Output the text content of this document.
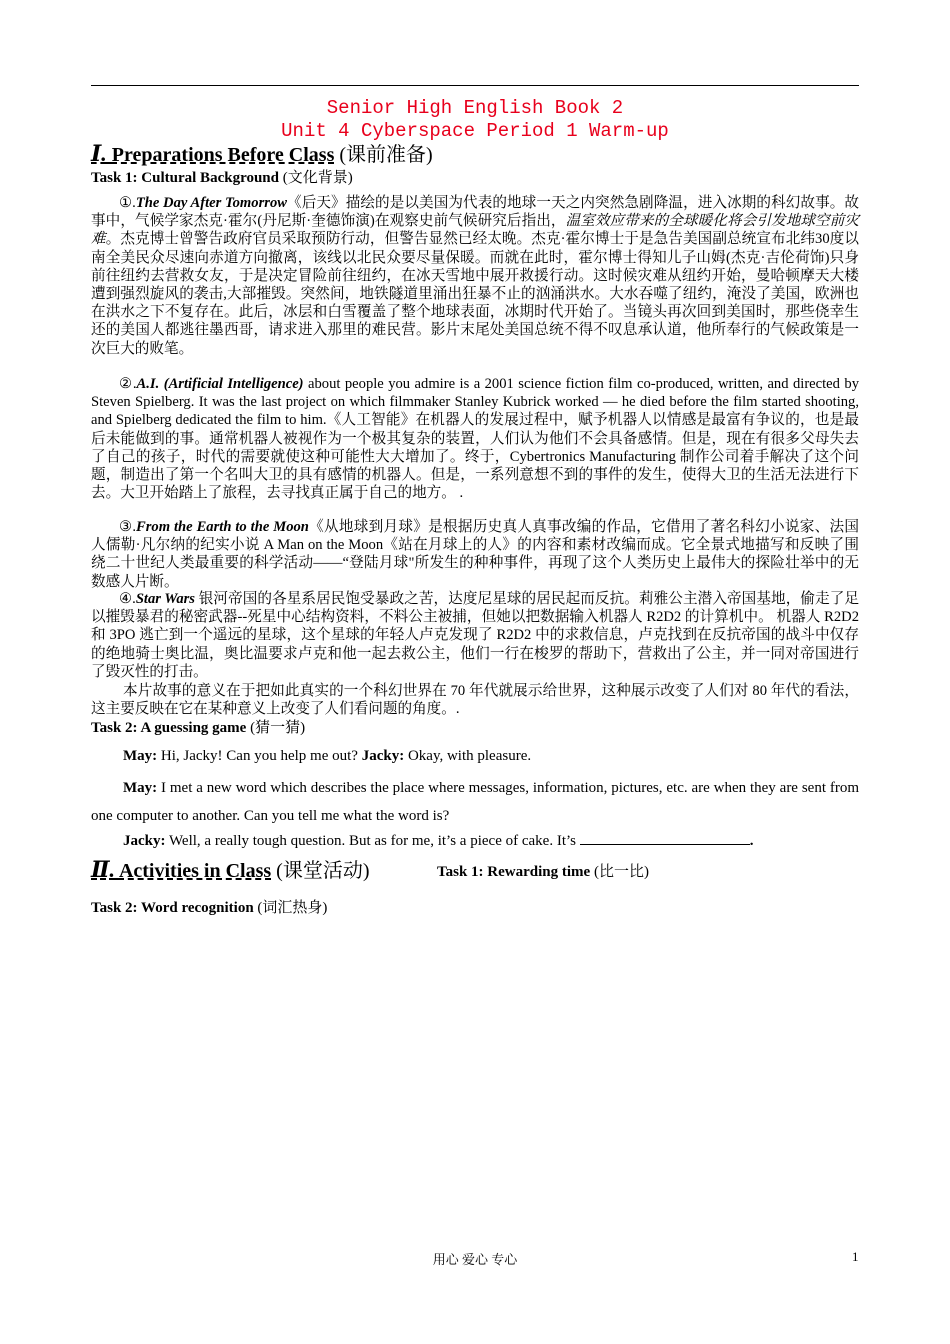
Senior High English Book 2
Unit 4 Cyberspace Period 1 Warm-up
Ⅰ. Preparations Before Class (课前准备)
Task 1: Cultural Background (文化背景)
①.The Day After Tomorrow《后天》描绘的是以美国为代表的地球一天之内突然急剧降温，进入冰期的科幻故事。故事中，气候学家杰克·霍尔(丹尼斯·奎德饰演)在观察史前气候研究后指出，温室效应带来的全球暖化将会引发地球空前灾难。杰克博士曾警告政府官员采取预防行动，但警告显然已经太晚。杰克·霍尔博士于是急告美国副总统宣布北纬30度以南全美民众尽速向赤道方向撤离，该线以北民众要尽量保暖。而就在此时，霍尔博士得知儿子山姆(杰克·吉伦荷饰)只身前往纽约去营救女友，于是决定冒险前往纽约，在冰天雪地中展开救援行动。这时候灾难从纽约开始，曼哈顿摩天大楼遭到强烈旋风的袭击,大部摧毁。突然间，地铁隧道里涌出狂暴不止的汹涌洪水。大水吞噬了纽约，淹没了美国，欧洲也在洪水之下不复存在。此后，冰层和白雪覆盖了整个地球表面，冰期时代开始了。当镜头再次回到美国时，那些侥幸生还的美国人都逃往墨西哥，请求进入那里的难民营。影片末尾处美国总统不得不叹息承认道，他所奉行的气候政策是一次巨大的败笔。
②.A.I. (Artificial Intelligence) about people you admire is a 2001 science fiction film co-produced, written, and directed by Steven Spielberg. It was the last project on which filmmaker Stanley Kubrick worked — he died before the film started shooting, and Spielberg dedicated the film to him.《人工智能》在机器人的发展过程中，赋予机器人以情感是最富有争议的，也是最后未能做到的事。通常机器人被视作为一个极其复杂的装置，人们认为他们不会具备感情。但是，现在有很多父母失去了自己的孩子，时代的需要就使这种可能性大大增加了。终于，Cybertronics Manufacturing 制作公司着手解决了这个问题，制造出了第一个名叫大卫的具有感情的机器人。但是，一系列意想不到的事件的发生，使得大卫的生活无法进行下去。大卫开始踏上了旅程，去寻找真正属于自己的地方。 .
③.From the Earth to the Moon《从地球到月球》是根据历史真人真事改编的作品，它借用了著名科幻小说家、法国人儒勒·凡尔纳的纪实小说 A Man on the Moon《站在月球上的人》的内容和素材改编而成。它全景式地描写和反映了围绕二十世纪人类最重要的科学活动——“登陆月球"所发生的种种事件，再现了这个人类历史上最伟大的探险壮举中的无数感人片断。
④.Star Wars 银河帝国的各星系居民饱受暴政之苦，达度尼星球的居民起而反抗。莉雅公主潜入帝国基地，偷走了足以摧毁暴君的秘密武器--死星中心结构资料，不料公主被捕，但她以把数据输入机器人 R2D2 的计算机中。 机器人 R2D2 和 3PO 逃亡到一个遥远的星球，这个星球的年轻人卢克发现了 R2D2 中的求救信息，卢克找到在反抗帝国的战斗中仅存的绝地骑士奥比温，奥比温要求卢克和他一起去救公主，他们一行在梭罗的帮助下，营救出了公主，并一同对帝国进行了毁灭性的打击。
本片故事的意义在于把如此真实的一个科幻世界在 70 年代就展示给世界，这种展示改变了人们对 80 年代的看法，这主要反映在它在某种意义上改变了人们看问题的角度。.
Task 2: A guessing game (猜一猜)
May: Hi, Jacky! Can you help me out? Jacky: Okay, with pleasure.
May: I met a new word which describes the place where messages, information, pictures, etc. are when they are sent from one computer to another. Can you tell me what the word is?
Jacky: Well, a really tough question. But as for me, it’s a piece of cake. It’s	.
Ⅱ. Activities in Class (课堂活动)	Task 1: Rewarding time (比一比)
Task 2: Word recognition (词汇热身)
用心 爱心 专心	1
